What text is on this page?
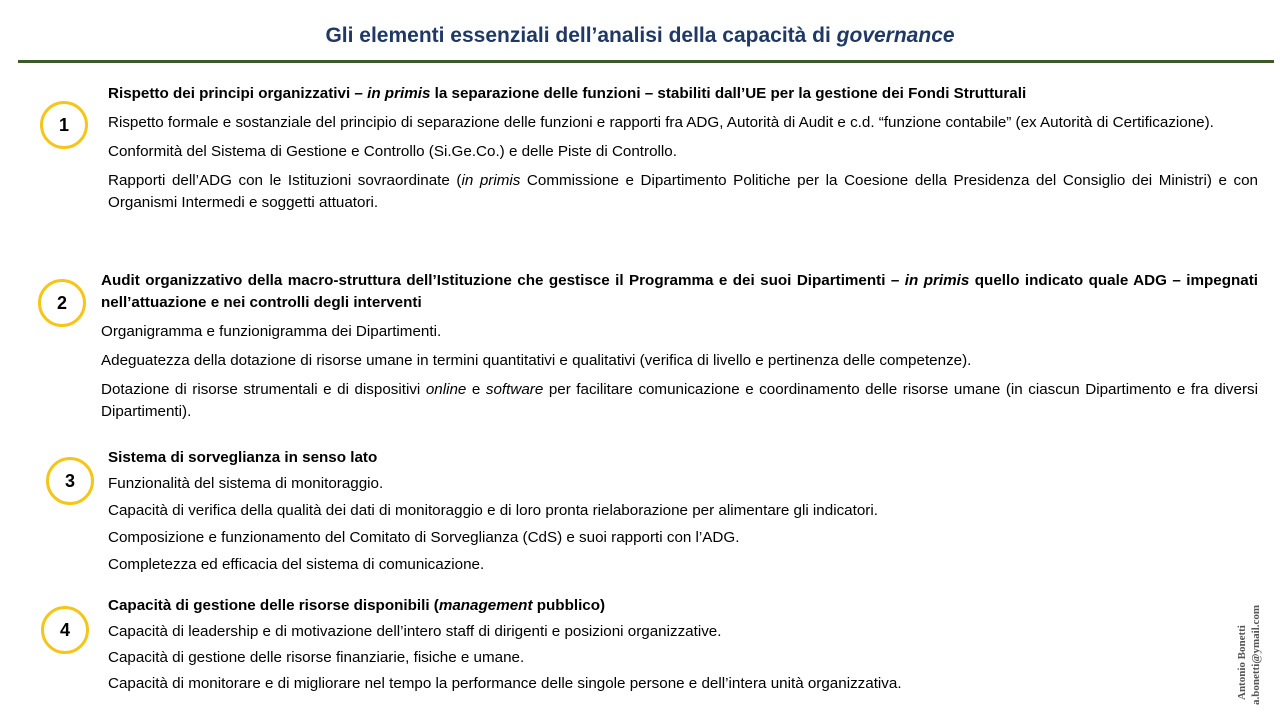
Gli elementi essenziali dell’analisi della capacità di governance
1

Rispetto dei principi organizzativi – in primis la separazione delle funzioni – stabiliti dall’UE per la gestione dei Fondi Strutturali

Rispetto formale e sostanziale del principio di separazione delle funzioni e rapporti fra ADG, Autorità di Audit e c.d. “funzione contabile” (ex Autorità di Certificazione).

Conformità del Sistema di Gestione e Controllo (Si.Ge.Co.) e delle Piste di Controllo.

Rapporti dell’ADG con le Istituzioni sovraordinate (in primis Commissione e Dipartimento Politiche per la Coesione della Presidenza del Consiglio dei Ministri) e con Organismi Intermedi e soggetti attuatori.

2

Audit organizzativo della macro-struttura dell’Istituzione che gestisce il Programma e dei suoi Dipartimenti – in primis quello indicato quale ADG – impegnati nell’attuazione e nei controlli degli interventi

Organigramma e funzionigramma dei Dipartimenti.

Adeguatezza della dotazione di risorse umane in termini quantitativi e qualitativi (verifica di livello e pertinenza delle competenze).

Dotazione di risorse strumentali e di dispositivi online e software per facilitare comunicazione e coordinamento delle risorse umane (in ciascun Dipartimento e fra diversi Dipartimenti).

3
Sistema di sorveglianza in senso lato
Funzionalità del sistema di monitoraggio.
Capacità di verifica della qualità dei dati di monitoraggio e di loro pronta rielaborazione per alimentare gli indicatori.
Composizione e funzionamento del Comitato di Sorveglianza (CdS) e suoi rapporti con l’ADG.
Completezza ed efficacia del sistema di comunicazione.
4
Capacità di gestione delle risorse disponibili (management pubblico)
Capacità di leadership e di motivazione dell’intero staff di dirigenti e posizioni organizzative.
Capacità di gestione delle risorse finanziarie, fisiche e umane.
Capacità di monitorare e di migliorare nel tempo la performance delle singole persone e dell’intera unità organizzativa.	Antonio Bonetti a.bonetti@ymail.com
